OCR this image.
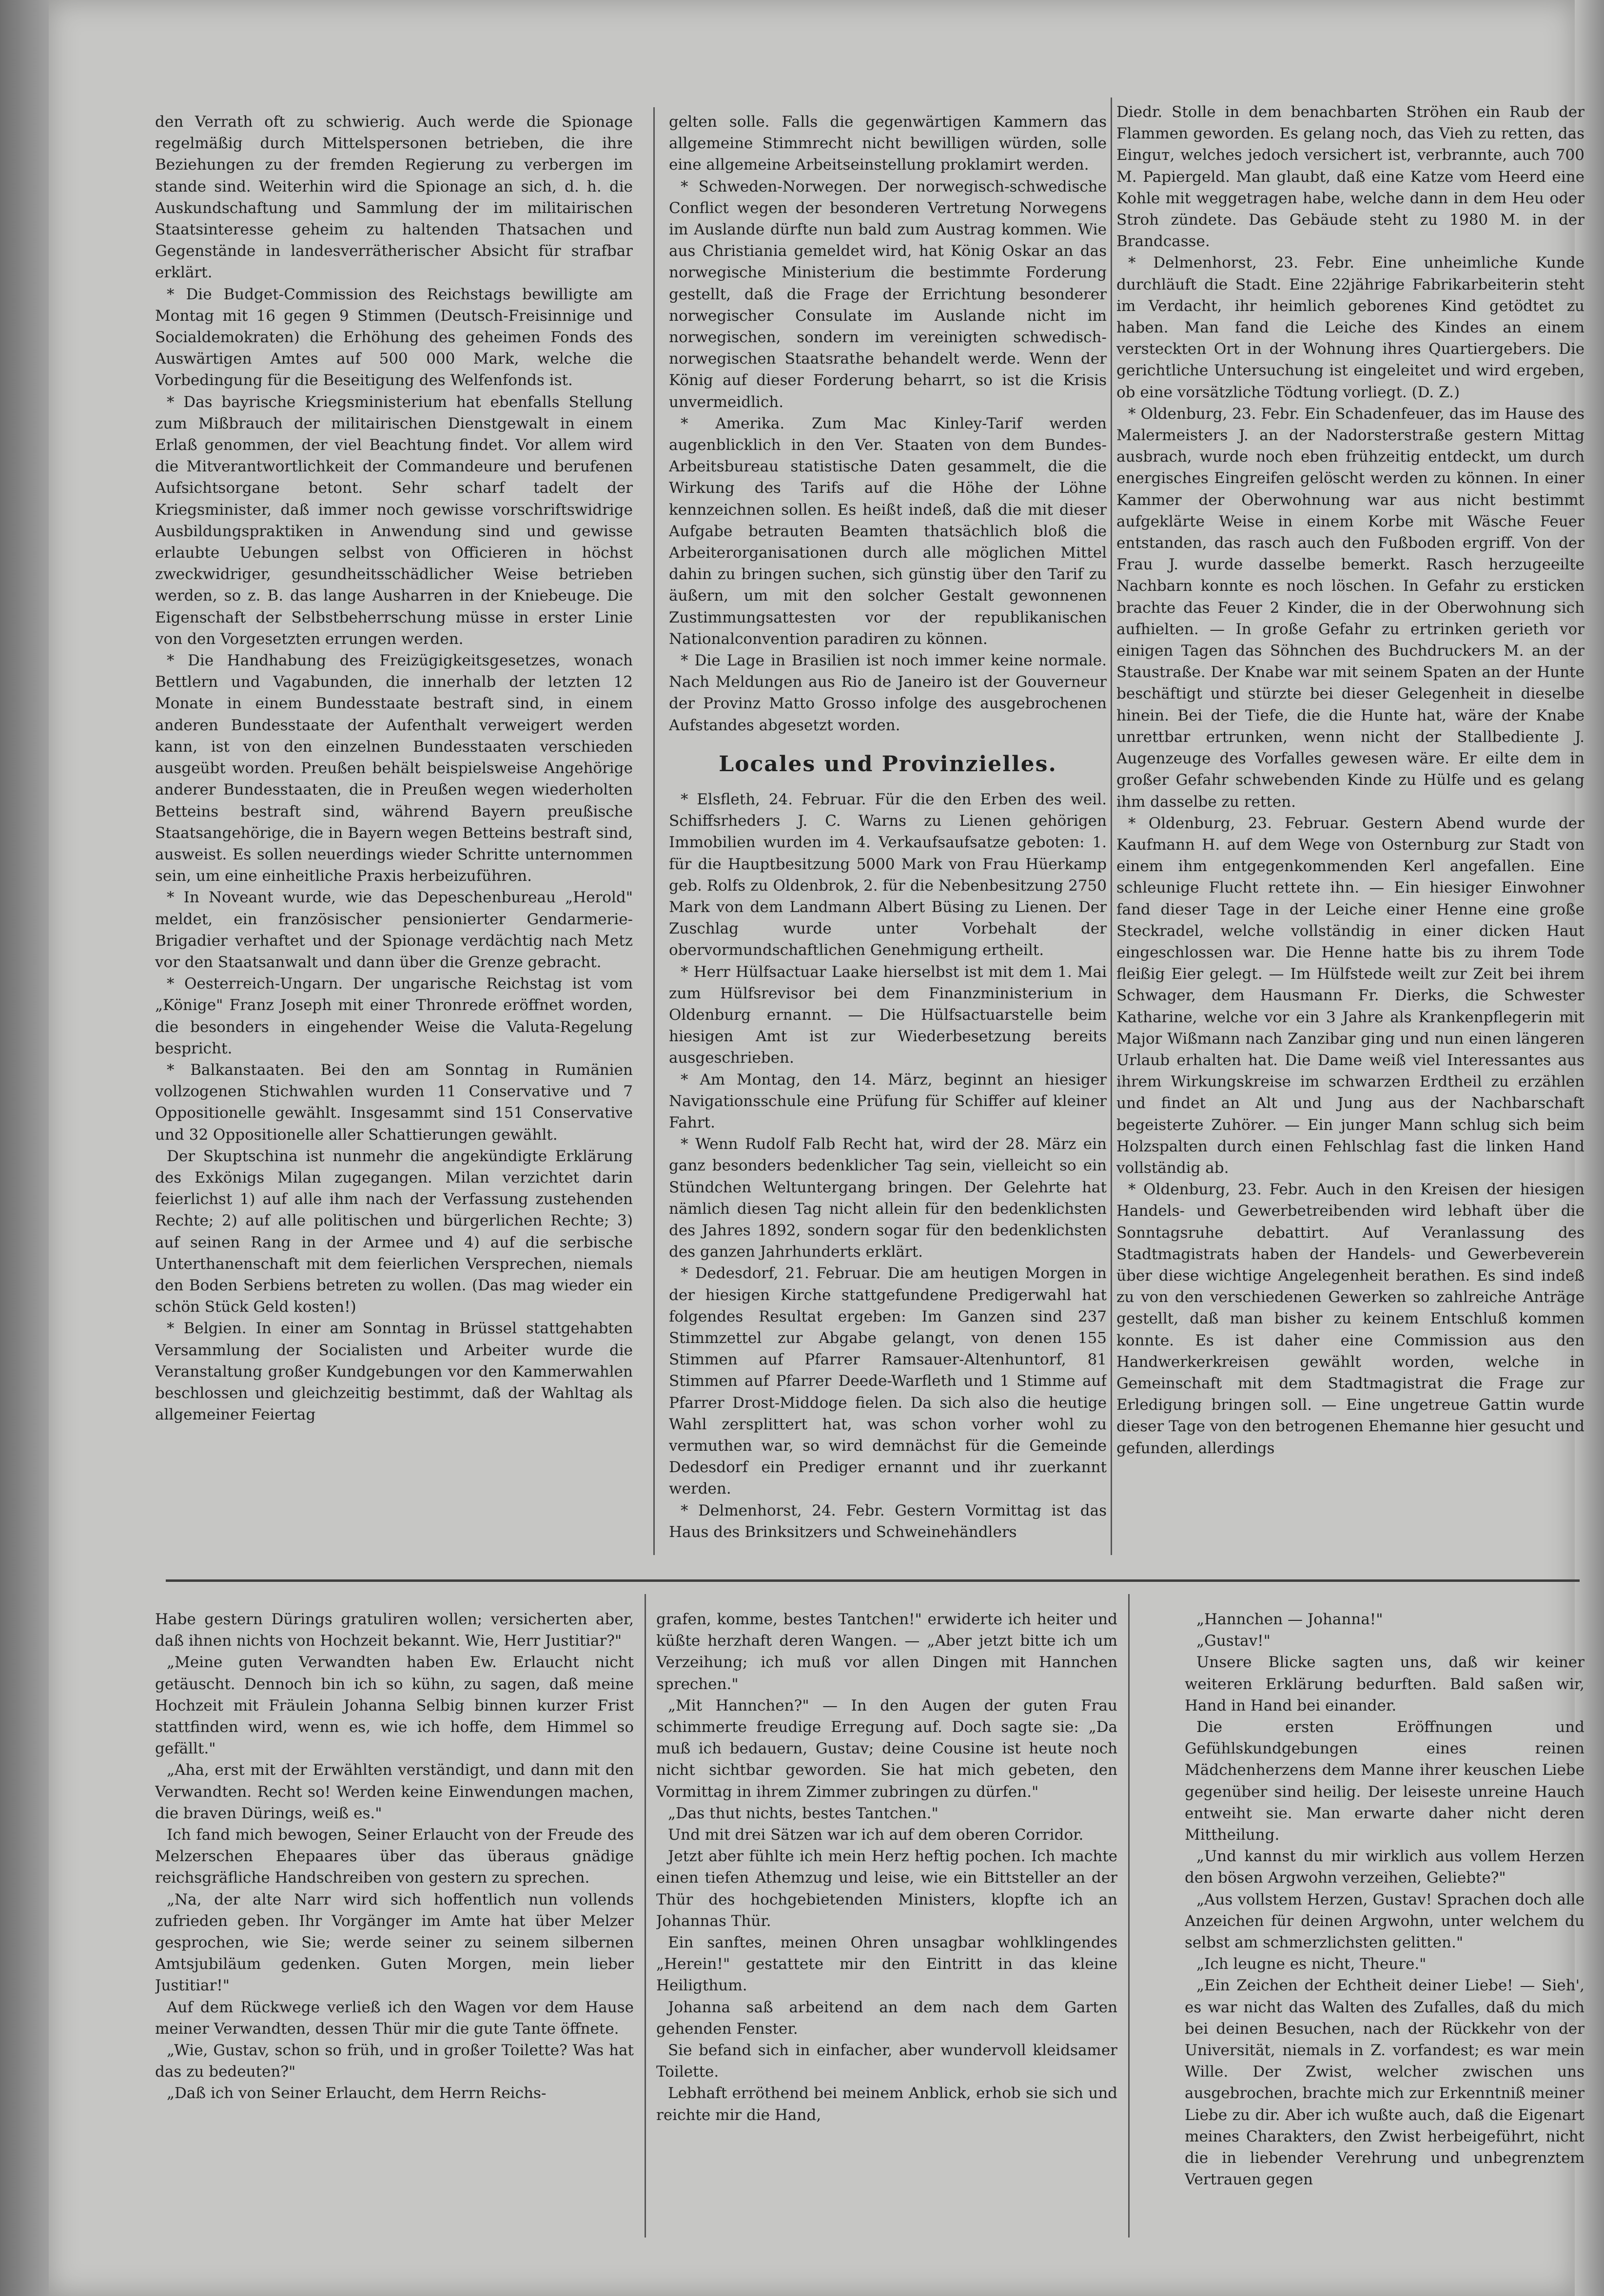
den Verrath oft zu schwierig. Auch werde die Spionage regelmäßig durch Mittelspersonen betrieben, die ihre Beziehungen zu der fremden Regierung zu verbergen im stande sind. Weiterhin wird die Spionage an sich, d. h. die Auskundschaftung und Sammlung der im militairischen Staatsinteresse geheim zu haltenden Thatsachen und Gegenstände in landesverrätherischer Absicht für strafbar erklärt.

* Die Budget-Commission des Reichstags bewilligte am Montag mit 16 gegen 9 Stimmen (Deutsch-Freisinnige und Socialdemokraten) die Erhöhung des geheimen Fonds des Auswärtigen Amtes auf 500 000 Mark, welche die Vorbedingung für die Beseitigung des Welfenfonds ist.

* Das bayrische Kriegsministerium hat ebenfalls Stellung zum Mißbrauch der militairischen Dienstgewalt in einem Erlaß genommen, der viel Beachtung findet. Vor allem wird die Mitverantwortlichkeit der Commandeure und berufenen Aufsichtsorgane betont. Sehr scharf tadelt der Kriegsminister, daß immer noch gewisse vorschriftswidrige Ausbildungspraktiken in Anwendung sind und gewisse erlaubte Uebungen selbst von Officieren in höchst zweckwidriger, gesundheitsschädlicher Weise betrieben werden, so z. B. das lange Ausharren in der Kniebeuge. Die Eigenschaft der Selbstbeherrschung müsse in erster Linie von den Vorgesetzten errungen werden.

* Die Handhabung des Freizügigkeitsgesetzes, wonach Bettlern und Vagabunden, die innerhalb der letzten 12 Monate in einem Bundesstaate bestraft sind, in einem anderen Bundesstaate der Aufenthalt verweigert werden kann, ist von den einzelnen Bundesstaaten verschieden ausgeübt worden. Preußen behält beispielsweise Angehörige anderer Bundesstaaten, die in Preußen wegen wiederholten Betteins bestraft sind, während Bayern preußische Staatsangehörige, die in Bayern wegen Betteins bestraft sind, ausweist. Es sollen neuerdings wieder Schritte unternommen sein, um eine einheitliche Praxis herbeizuführen.

* In Noveant wurde, wie das Depeschenbureau „Herold" meldet, ein französischer pensionierter Gendarmerie-Brigadier verhaftet und der Spionage verdächtig nach Metz vor den Staatsanwalt und dann über die Grenze gebracht.

* Oesterreich-Ungarn. Der ungarische Reichstag ist vom „Könige" Franz Joseph mit einer Thronrede eröffnet worden, die besonders in eingehender Weise die Valuta-Regelung bespricht.

* Balkanstaaten. Bei den am Sonntag in Rumänien vollzogenen Stichwahlen wurden 11 Conservative und 7 Oppositionelle gewählt. Insgesammt sind 151 Conservative und 32 Oppositionelle aller Schattierungen gewählt.

Der Skuptschina ist nunmehr die angekündigte Erklärung des Exkönigs Milan zugegangen. Milan verzichtet darin feierlichst 1) auf alle ihm nach der Verfassung zustehenden Rechte; 2) auf alle politischen und bürgerlichen Rechte; 3) auf seinen Rang in der Armee und 4) auf die serbische Unterthanenschaft mit dem feierlichen Versprechen, niemals den Boden Serbiens betreten zu wollen. (Das mag wieder ein schön Stück Geld kosten!)

* Belgien. In einer am Sonntag in Brüssel stattgehabten Versammlung der Socialisten und Arbeiter wurde die Veranstaltung großer Kundgebungen vor den Kammerwahlen beschlossen und gleichzeitig bestimmt, daß der Wahltag als allgemeiner Feiertag

gelten solle. Falls die gegenwärtigen Kammern das allgemeine Stimmrecht nicht bewilligen würden, solle eine allgemeine Arbeitseinstellung proklamirt werden.

* Schweden-Norwegen. Der norwegisch-schwedische Conflict wegen der besonderen Vertretung Norwegens im Auslande dürfte nun bald zum Austrag kommen. Wie aus Christiania gemeldet wird, hat König Oskar an das norwegische Ministerium die bestimmte Forderung gestellt, daß die Frage der Errichtung besonderer norwegischer Consulate im Auslande nicht im norwegischen, sondern im vereinigten schwedisch-norwegischen Staatsrathe behandelt werde. Wenn der König auf dieser Forderung beharrt, so ist die Krisis unvermeidlich.

* Amerika. Zum Mac Kinley-Tarif werden augenblicklich in den Ver. Staaten von dem Bundes-Arbeitsbureau statistische Daten gesammelt, die die Wirkung des Tarifs auf die Höhe der Löhne kennzeichnen sollen. Es heißt indeß, daß die mit dieser Aufgabe betrauten Beamten thatsächlich bloß die Arbeiterorganisationen durch alle möglichen Mittel dahin zu bringen suchen, sich günstig über den Tarif zu äußern, um mit den solcher Gestalt gewonnenen Zustimmungsattesten vor der republikanischen Nationalconvention paradiren zu können.

* Die Lage in Brasilien ist noch immer keine normale. Nach Meldungen aus Rio de Janeiro ist der Gouverneur der Provinz Matto Grosso infolge des ausgebrochenen Aufstandes abgesetzt worden.

Locales und Provinzielles.

* Elsfleth, 24. Februar. Für die den Erben des weil. Schiffsrheders J. C. Warns zu Lienen gehörigen Immobilien wurden im 4. Verkaufsaufsatze geboten: 1. für die Hauptbesitzung 5000 Mark von Frau Hüerkamp geb. Rolfs zu Oldenbrok, 2. für die Nebenbesitzung 2750 Mark von dem Landmann Albert Büsing zu Lienen. Der Zuschlag wurde unter Vorbehalt der obervormundschaftlichen Genehmigung ertheilt.

* Herr Hülfsactuar Laake hierselbst ist mit dem 1. Mai zum Hülfsrevisor bei dem Finanzministerium in Oldenburg ernannt. — Die Hülfsactuarstelle beim hiesigen Amt ist zur Wiederbesetzung bereits ausgeschrieben.

* Am Montag, den 14. März, beginnt an hiesiger Navigationsschule eine Prüfung für Schiffer auf kleiner Fahrt.

* Wenn Rudolf Falb Recht hat, wird der 28. März ein ganz besonders bedenklicher Tag sein, vielleicht so ein Stündchen Weltuntergang bringen. Der Gelehrte hat nämlich diesen Tag nicht allein für den bedenklichsten des Jahres 1892, sondern sogar für den bedenklichsten des ganzen Jahrhunderts erklärt.

* Dedesdorf, 21. Februar. Die am heutigen Morgen in der hiesigen Kirche stattgefundene Predigerwahl hat folgendes Resultat ergeben: Im Ganzen sind 237 Stimmzettel zur Abgabe gelangt, von denen 155 Stimmen auf Pfarrer Ramsauer-Altenhuntorf, 81 Stimmen auf Pfarrer Deede-Warfleth und 1 Stimme auf Pfarrer Drost-Middoge fielen. Da sich also die heutige Wahl zersplittert hat, was schon vorher wohl zu vermuthen war, so wird demnächst für die Gemeinde Dedesdorf ein Prediger ernannt und ihr zuerkannt werden.

* Delmenhorst, 24. Febr. Gestern Vormittag ist das Haus des Brinksitzers und Schweinehändlers

Diedr. Stolle in dem benachbarten Ströhen ein Raub der Flammen geworden. Es gelang noch, das Vieh zu retten, das Einguт, welches jedoch versichert ist, verbrannte, auch 700 M. Papiergeld. Man glaubt, daß eine Katze vom Heerd eine Kohle mit weggetragen habe, welche dann in dem Heu oder Stroh zündete. Das Gebäude steht zu 1980 M. in der Brandcasse.

* Delmenhorst, 23. Febr. Eine unheimliche Kunde durchläuft die Stadt. Eine 22jährige Fabrikarbeiterin steht im Verdacht, ihr heimlich geborenes Kind getödtet zu haben. Man fand die Leiche des Kindes an einem versteckten Ort in der Wohnung ihres Quartiergebers. Die gerichtliche Untersuchung ist eingeleitet und wird ergeben, ob eine vorsätzliche Tödtung vorliegt. (D. Z.)

* Oldenburg, 23. Febr. Ein Schadenfeuer, das im Hause des Malermeisters J. an der Nadorsterstraße gestern Mittag ausbrach, wurde noch eben frühzeitig entdeckt, um durch energisches Eingreifen gelöscht werden zu können. In einer Kammer der Oberwohnung war aus nicht bestimmt aufgeklärte Weise in einem Korbe mit Wäsche Feuer entstanden, das rasch auch den Fußboden ergriff. Von der Frau J. wurde dasselbe bemerkt. Rasch herzugeeilte Nachbarn konnte es noch löschen. In Gefahr zu ersticken brachte das Feuer 2 Kinder, die in der Oberwohnung sich aufhielten. — In große Gefahr zu ertrinken gerieth vor einigen Tagen das Söhnchen des Buchdruckers M. an der Staustraße. Der Knabe war mit seinem Spaten an der Hunte beschäftigt und stürzte bei dieser Gelegenheit in dieselbe hinein. Bei der Tiefe, die die Hunte hat, wäre der Knabe unrettbar ertrunken, wenn nicht der Stallbediente J. Augenzeuge des Vorfalles gewesen wäre. Er eilte dem in großer Gefahr schwebenden Kinde zu Hülfe und es gelang ihm dasselbe zu retten.

* Oldenburg, 23. Februar. Gestern Abend wurde der Kaufmann H. auf dem Wege von Osternburg zur Stadt von einem ihm entgegenkommenden Kerl angefallen. Eine schleunige Flucht rettete ihn. — Ein hiesiger Einwohner fand dieser Tage in der Leiche einer Henne eine große Steckradel, welche vollständig in einer dicken Haut eingeschlossen war. Die Henne hatte bis zu ihrem Tode fleißig Eier gelegt. — Im Hülfstede weilt zur Zeit bei ihrem Schwager, dem Hausmann Fr. Dierks, die Schwester Katharine, welche vor ein 3 Jahre als Krankenpflegerin mit Major Wißmann nach Zanzibar ging und nun einen längeren Urlaub erhalten hat. Die Dame weiß viel Interessantes aus ihrem Wirkungskreise im schwarzen Erdtheil zu erzählen und findet an Alt und Jung aus der Nachbarschaft begeisterte Zuhörer. — Ein junger Mann schlug sich beim Holzspalten durch einen Fehlschlag fast die linken Hand vollständig ab.

* Oldenburg, 23. Febr. Auch in den Kreisen der hiesigen Handels- und Gewerbetreibenden wird lebhaft über die Sonntagsruhe debattirt. Auf Veranlassung des Stadtmagistrats haben der Handels- und Gewerbeverein über diese wichtige Angelegenheit berathen. Es sind indeß zu von den verschiedenen Gewerken so zahlreiche Anträge gestellt, daß man bisher zu keinem Entschluß kommen konnte. Es ist daher eine Commission aus den Handwerkerkreisen gewählt worden, welche in Gemeinschaft mit dem Stadtmagistrat die Frage zur Erledigung bringen soll. — Eine ungetreue Gattin wurde dieser Tage von den betrogenen Ehemanne hier gesucht und gefunden, allerdings

Habe gestern Dürings gratuliren wollen; versicherten aber, daß ihnen nichts von Hochzeit bekannt. Wie, Herr Justitiar?"

„Meine guten Verwandten haben Ew. Erlaucht nicht getäuscht. Dennoch bin ich so kühn, zu sagen, daß meine Hochzeit mit Fräulein Johanna Selbig binnen kurzer Frist stattfinden wird, wenn es, wie ich hoffe, dem Himmel so gefällt."

„Aha, erst mit der Erwählten verständigt, und dann mit den Verwandten. Recht so! Werden keine Einwendungen machen, die braven Dürings, weiß es."

Ich fand mich bewogen, Seiner Erlaucht von der Freude des Melzerschen Ehepaares über das überaus gnädige reichsgräfliche Handschreiben von gestern zu sprechen.

„Na, der alte Narr wird sich hoffentlich nun vollends zufrieden geben. Ihr Vorgänger im Amte hat über Melzer gesprochen, wie Sie; werde seiner zu seinem silbernen Amtsjubiläum gedenken. Guten Morgen, mein lieber Justitiar!"

Auf dem Rückwege verließ ich den Wagen vor dem Hause meiner Verwandten, dessen Thür mir die gute Tante öffnete.

„Wie, Gustav, schon so früh, und in großer Toilette? Was hat das zu bedeuten?"

„Daß ich von Seiner Erlaucht, dem Herrn Reichs-

grafen, komme, bestes Tantchen!" erwiderte ich heiter und küßte herzhaft deren Wangen. — „Aber jetzt bitte ich um Verzeihung; ich muß vor allen Dingen mit Hannchen sprechen."

„Mit Hannchen?" — In den Augen der guten Frau schimmerte freudige Erregung auf. Doch sagte sie: „Da muß ich bedauern, Gustav; deine Cousine ist heute noch nicht sichtbar geworden. Sie hat mich gebeten, den Vormittag in ihrem Zimmer zubringen zu dürfen."

„Das thut nichts, bestes Tantchen."

Und mit drei Sätzen war ich auf dem oberen Corridor.

Jetzt aber fühlte ich mein Herz heftig pochen. Ich machte einen tiefen Athemzug und leise, wie ein Bittsteller an der Thür des hochgebietenden Ministers, klopfte ich an Johannas Thür.

Ein sanftes, meinen Ohren unsagbar wohlklingendes „Herein!" gestattete mir den Eintritt in das kleine Heiligthum.

Johanna saß arbeitend an dem nach dem Garten gehenden Fenster.

Sie befand sich in einfacher, aber wundervoll kleidsamer Toilette.

Lebhaft erröthend bei meinem Anblick, erhob sie sich und reichte mir die Hand,

„Hannchen — Johanna!"

„Gustav!"

Unsere Blicke sagten uns, daß wir keiner weiteren Erklärung bedurften. Bald saßen wir, Hand in Hand bei einander.

Die ersten Eröffnungen und Gefühlskundgebungen eines reinen Mädchenherzens dem Manne ihrer keuschen Liebe gegenüber sind heilig. Der leiseste unreine Hauch entweiht sie. Man erwarte daher nicht deren Mittheilung.

„Und kannst du mir wirklich aus vollem Herzen den bösen Argwohn verzeihen, Geliebte?"

„Aus vollstem Herzen, Gustav! Sprachen doch alle Anzeichen für deinen Argwohn, unter welchem du selbst am schmerzlichsten gelitten."

„Ich leugne es nicht, Theure."

„Ein Zeichen der Echtheit deiner Liebe! — Sieh', es war nicht das Walten des Zufalles, daß du mich bei deinen Besuchen, nach der Rückkehr von der Universität, niemals in Z. vorfandest; es war mein Wille. Der Zwist, welcher zwischen uns ausgebrochen, brachte mich zur Erkenntniß meiner Liebe zu dir. Aber ich wußte auch, daß die Eigenart meines Charakters, den Zwist herbeigeführt, nicht die in liebender Verehrung und unbegrenztem Vertrauen gegen
